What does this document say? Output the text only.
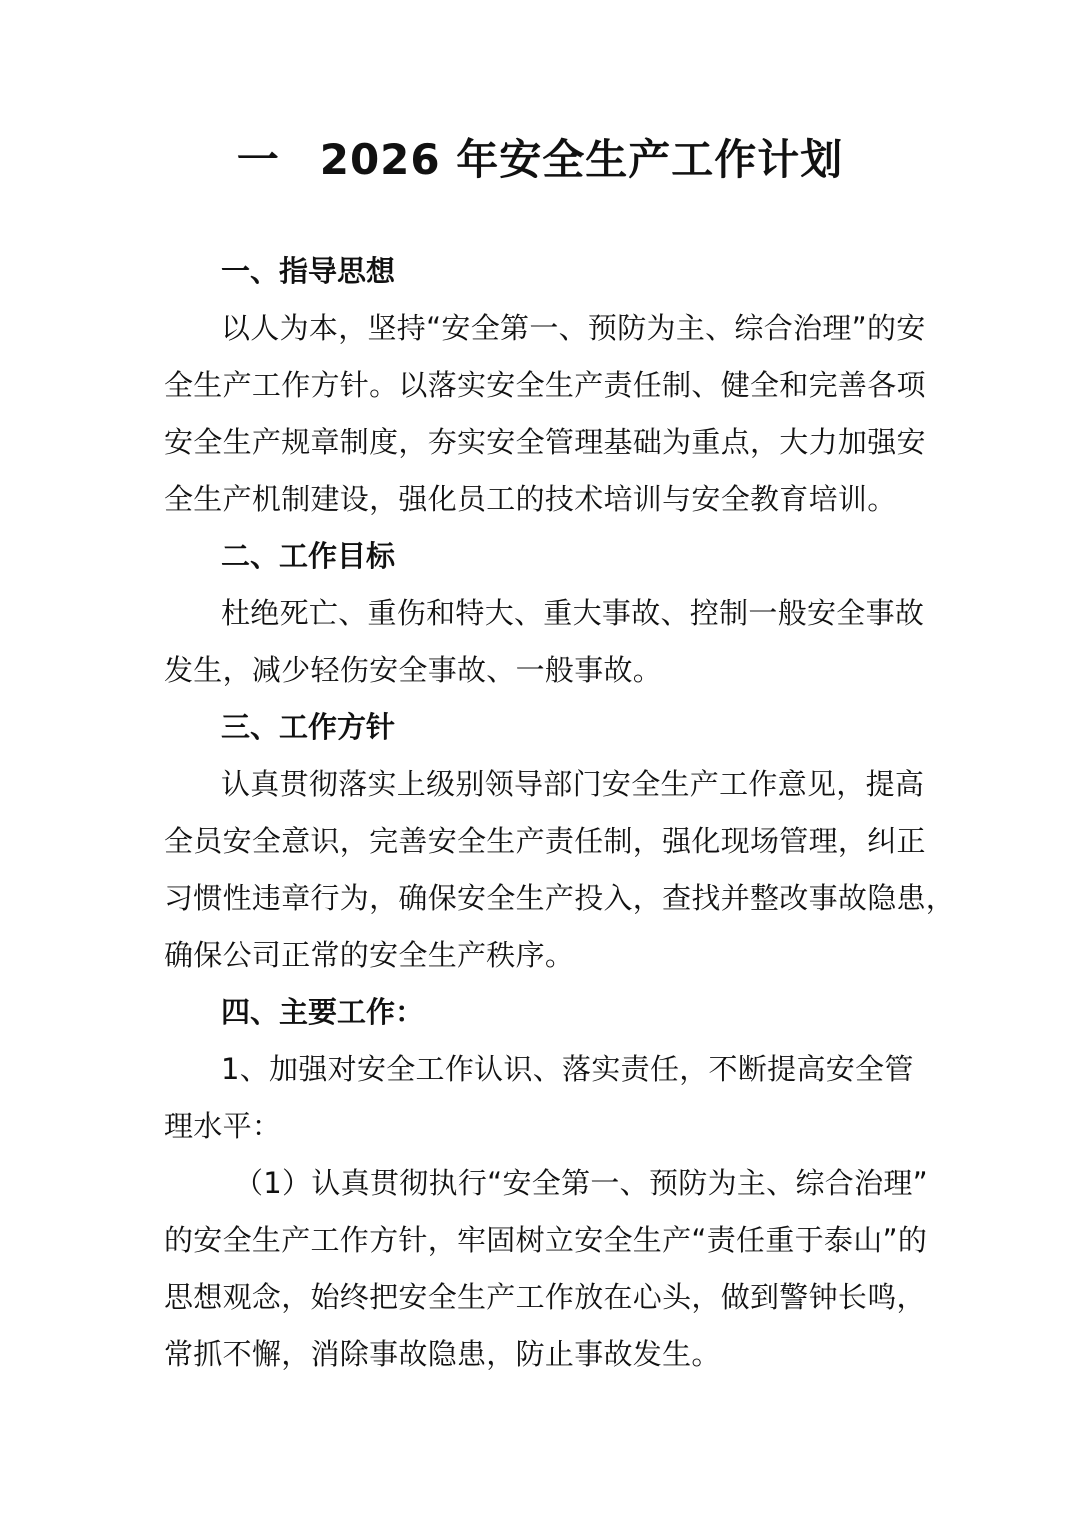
一 2026 年安全生产工作计划
一、指导思想
以人为本，坚持“安全第一、预防为主、综合治理”的安
全生产工作方针。以落实安全生产责任制、健全和完善各项
安全生产规章制度，夯实安全管理基础为重点，大力加强安
全生产机制建设，强化员工的技术培训与安全教育培训。
二、工作目标
杜绝死亡、重伤和特大、重大事故、控制一般安全事故
发生，减少轻伤安全事故、一般事故。
三、工作方针
认真贯彻落实上级别领导部门安全生产工作意见，提高
全员安全意识，完善安全生产责任制，强化现场管理，纠正
习惯性违章行为，确保安全生产投入，查找并整改事故隐患，
确保公司正常的安全生产秩序。
四、主要工作：
1、加强对安全工作认识、落实责任，不断提高安全管
理水平：
（1）认真贯彻执行“安全第一、预防为主、综合治理”
的安全生产工作方针，牢固树立安全生产“责任重于泰山”的
思想观念，始终把安全生产工作放在心头，做到警钟长鸣，
常抓不懈，消除事故隐患，防止事故发生。
